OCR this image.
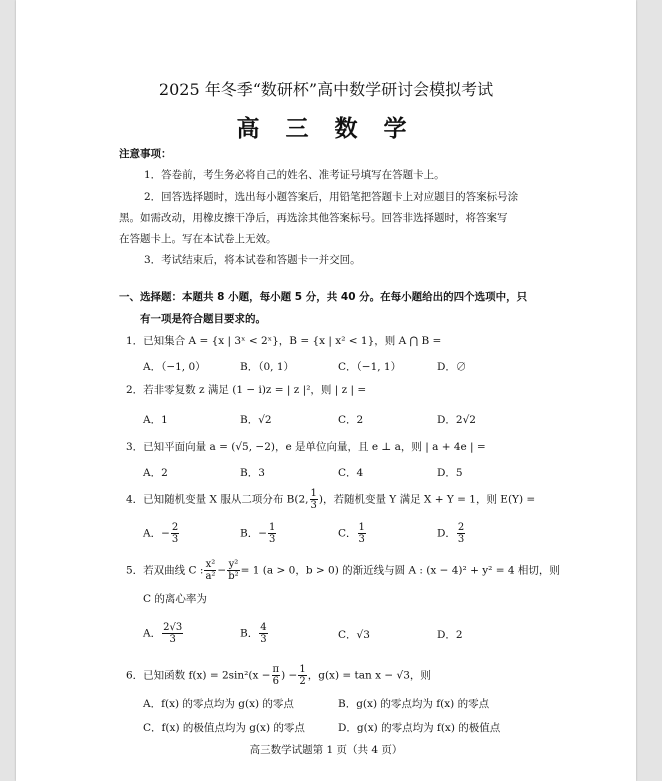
2025 年冬季“数研杯”高中数学研讨会模拟考试
高 三 数 学
注意事项：
1．答卷前，考生务必将自己的姓名、准考证号填写在答题卡上。
2．回答选择题时，选出每小题答案后，用铅笔把答题卡上对应题目的答案标号涂
黑。如需改动，用橡皮擦干净后，再选涂其他答案标号。回答非选择题时，将答案写
在答题卡上。写在本试卷上无效。
3．考试结束后，将本试卷和答题卡一并交回。
一、选择题：本题共 8 小题，每小题 5 分，共 40 分。在每小题给出的四个选项中，只
有一项是符合题目要求的。
1．已知集合 A = {x | 3ˣ < 2ˣ}，B = {x | x² < 1}，则 A ⋂ B =
A．（−1, 0）	B．（0, 1）	C．（−1, 1）	D．∅
2．若非零复数 z 满足 (1 − i)z = | z |²，则 | z | =
A．1	B．√2	C．2	D．2√2
3．已知平面向量 a = (√5, −2)，e 是单位向量，且 e ⊥ a，则 | a + 4e | =
A．2	B．3	C．4	D．5
4．已知随机变量 X 服从二项分布 B(2, $\frac{1}{3}$ )，若随机变量 Y 满足 X + Y = 1，则 E(Y) =
A．− $\frac{2}{3}$	B．− $\frac{1}{3}$	C． $\frac{1}{3}$	D． $\frac{2}{3}$
5．若双曲线 C : $\frac{\text{x²}}{\text{a²}} - \frac{\text{y²}}{\text{b²}} = 1$ (a > 0，b > 0) 的渐近线与圆 A : (x − 4)² + y² = 4 相切，则
C 的离心率为
A． $\frac{2√3}{3}$	B． $\frac{4}{3}$	C．√3	D．2
6．已知函数 $f(x) = 2\sin^2(x - \frac{\pi}{6}$ ) − $\frac{1}{2}$ ，g(x) = tan x − √3，则
A．f(x) 的零点均为 g(x) 的零点	B．g(x) 的零点均为 f(x) 的零点
C．f(x) 的极值点均为 g(x) 的零点	D．g(x) 的零点均为 f(x) 的极值点
高三数学试题第 1 页（共 4 页）
